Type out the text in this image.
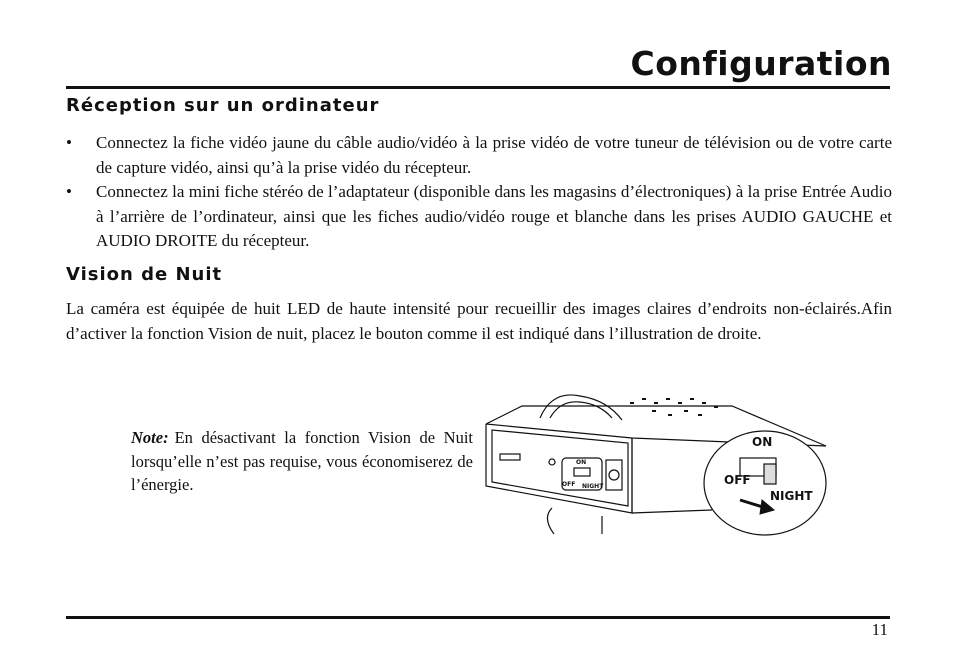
Configuration
Réception sur un ordinateur
• Connectez la fiche vidéo jaune du câble audio/vidéo à la prise vidéo de votre tuneur de télévision ou de votre carte de capture vidéo, ainsi qu’à la prise vidéo du récepteur.
• Connectez la mini fiche stéréo de l’adaptateur (disponible dans les magasins d’électroniques) à la prise Entrée Audio à l’arrière de l’ordinateur, ainsi que les fiches audio/vidéo rouge et blanche dans les prises AUDIO GAUCHE et AUDIO DROITE du récepteur.
Vision de Nuit

La caméra est équipée de huit LED de haute intensité pour recueillir des images claires d’endroits non-éclairés.Afin d’activer la fonction Vision de nuit, placez le bouton comme il est indiqué dans l’illustration de droite.

Note: En désactivant la fonction Vision de Nuit lorsqu’elle n’est pas requise, vous économiserez de l’énergie.

ON
OFF NIGHT
ON
OFF
NIGHT
11
